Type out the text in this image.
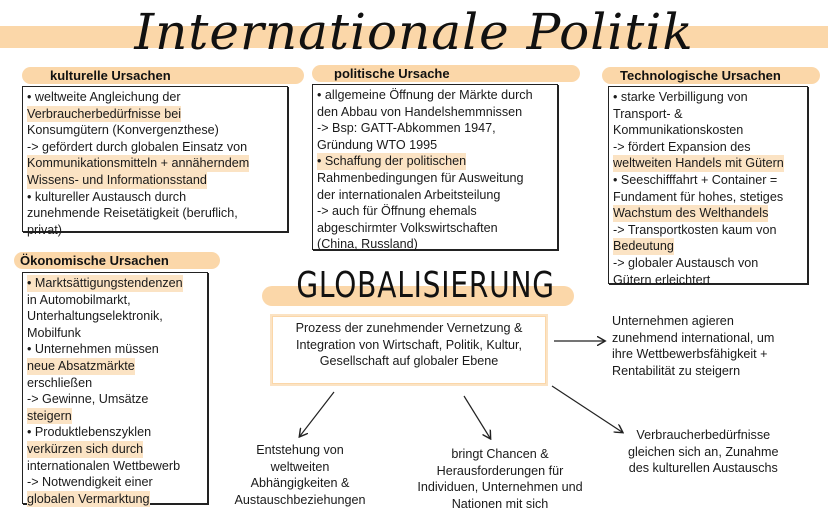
Internationale Politik
kulturelle Ursachen
• weltweite Angleichung der
Verbraucherbedürfnisse bei
Konsumgütern (Konvergenzthese)
-> gefördert durch globalen Einsatz von
Kommunikationsmitteln + annäherndem Wissens- und Informationsstand
• kultureller Austausch durch
zunehmende Reisetätigkeit (beruflich,
privat)
politische Ursache
• allgemeine Öffnung der Märkte durch
den Abbau von Handelshemmnissen
-> Bsp: GATT-Abkommen 1947,
Gründung WTO 1995
• Schaffung der politischen
Rahmenbedingungen für Ausweitung
der internationalen Arbeitsteilung
-> auch für Öffnung ehemals
abgeschirmter Volkswirtschaften
(China, Russland)
Technologische Ursachen
• starke Verbilligung von
Transport- &
Kommunikationskosten
-> fördert Expansion des
weltweiten Handels mit Gütern
• Seeschifffahrt + Container =
Fundament für hohes, stetiges
Wachstum des Welthandels
-> Transportkosten kaum von
Bedeutung
-> globaler Austausch von
Gütern erleichtert
Ökonomische Ursachen
• Marktsättigungstendenzen
in Automobilmarkt,
Unterhaltungselektronik,
Mobilfunk
• Unternehmen müssen
neue Absatzmärkte
erschließen
-> Gewinne, Umsätze
steigern
• Produktlebenszyklen
verkürzen sich durch
internationalen Wettbewerb
-> Notwendigkeit einer
globalen Vermarktung
GLOBALISIERUNG
Prozess der zunehmender Vernetzung &
Integration von Wirtschaft, Politik, Kultur,
Gesellschaft auf globaler Ebene
Unternehmen agieren
zunehmend international, um
ihre Wettbewerbsfähigkeit +
Rentabilität zu steigern
Verbraucherbedürfnisse
gleichen sich an, Zunahme
des kulturellen Austauschs
Entstehung von
weltweiten
Abhängigkeiten &
Austauschbeziehungen
bringt Chancen &
Herausforderungen für
Individuen, Unternehmen und
Nationen mit sich
